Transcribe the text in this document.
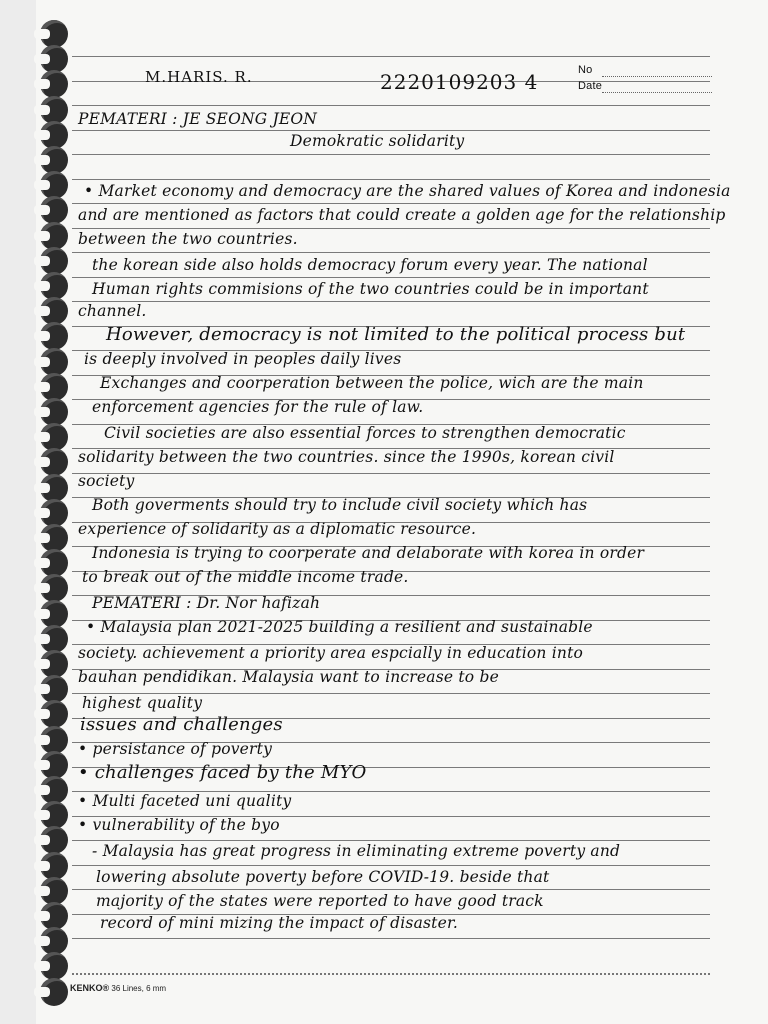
M.HARIS. R.	2220109203 4	No
Date
PEMATERI : JE SEONG JEON
Demokratic solidarity
• Market economy and democracy are the shared values of Korea and indonesia
and are mentioned as factors that could create a golden age for the relationship
between the two countries.
the korean side also holds democracy forum every year. The national
Human rights commisions of the two countries could be in important
channel.
However, democracy is not limited to the political process but
is deeply involved in peoples daily lives
Exchanges and coorperation between the police, wich are the main
enforcement agencies for the rule of law.
Civil societies are also essential forces to strengthen democratic
solidarity between the two countries. since the 1990s, korean civil
society
Both goverments should try to include civil society which has
experience of solidarity as a diplomatic resource.
Indonesia is trying to coorperate and delaborate with korea in order
to break out of the middle income trade.
PEMATERI : Dr. Nor hafizah
• Malaysia plan 2021-2025 building a resilient and sustainable
society. achievement a priority area espcially in education into
bauhan pendidikan. Malaysia want to increase to be
highest quality
issues and challenges
• persistance of poverty
• challenges faced by the MYO
• Multi faceted uni quality
• vulnerability of the byo
- Malaysia has great progress in eliminating extreme poverty and
lowering absolute poverty before COVID-19. beside that
majority of the states were reported to have good track
record of mini mizing the impact of disaster.
KENKO® 36 Lines, 6 mm
